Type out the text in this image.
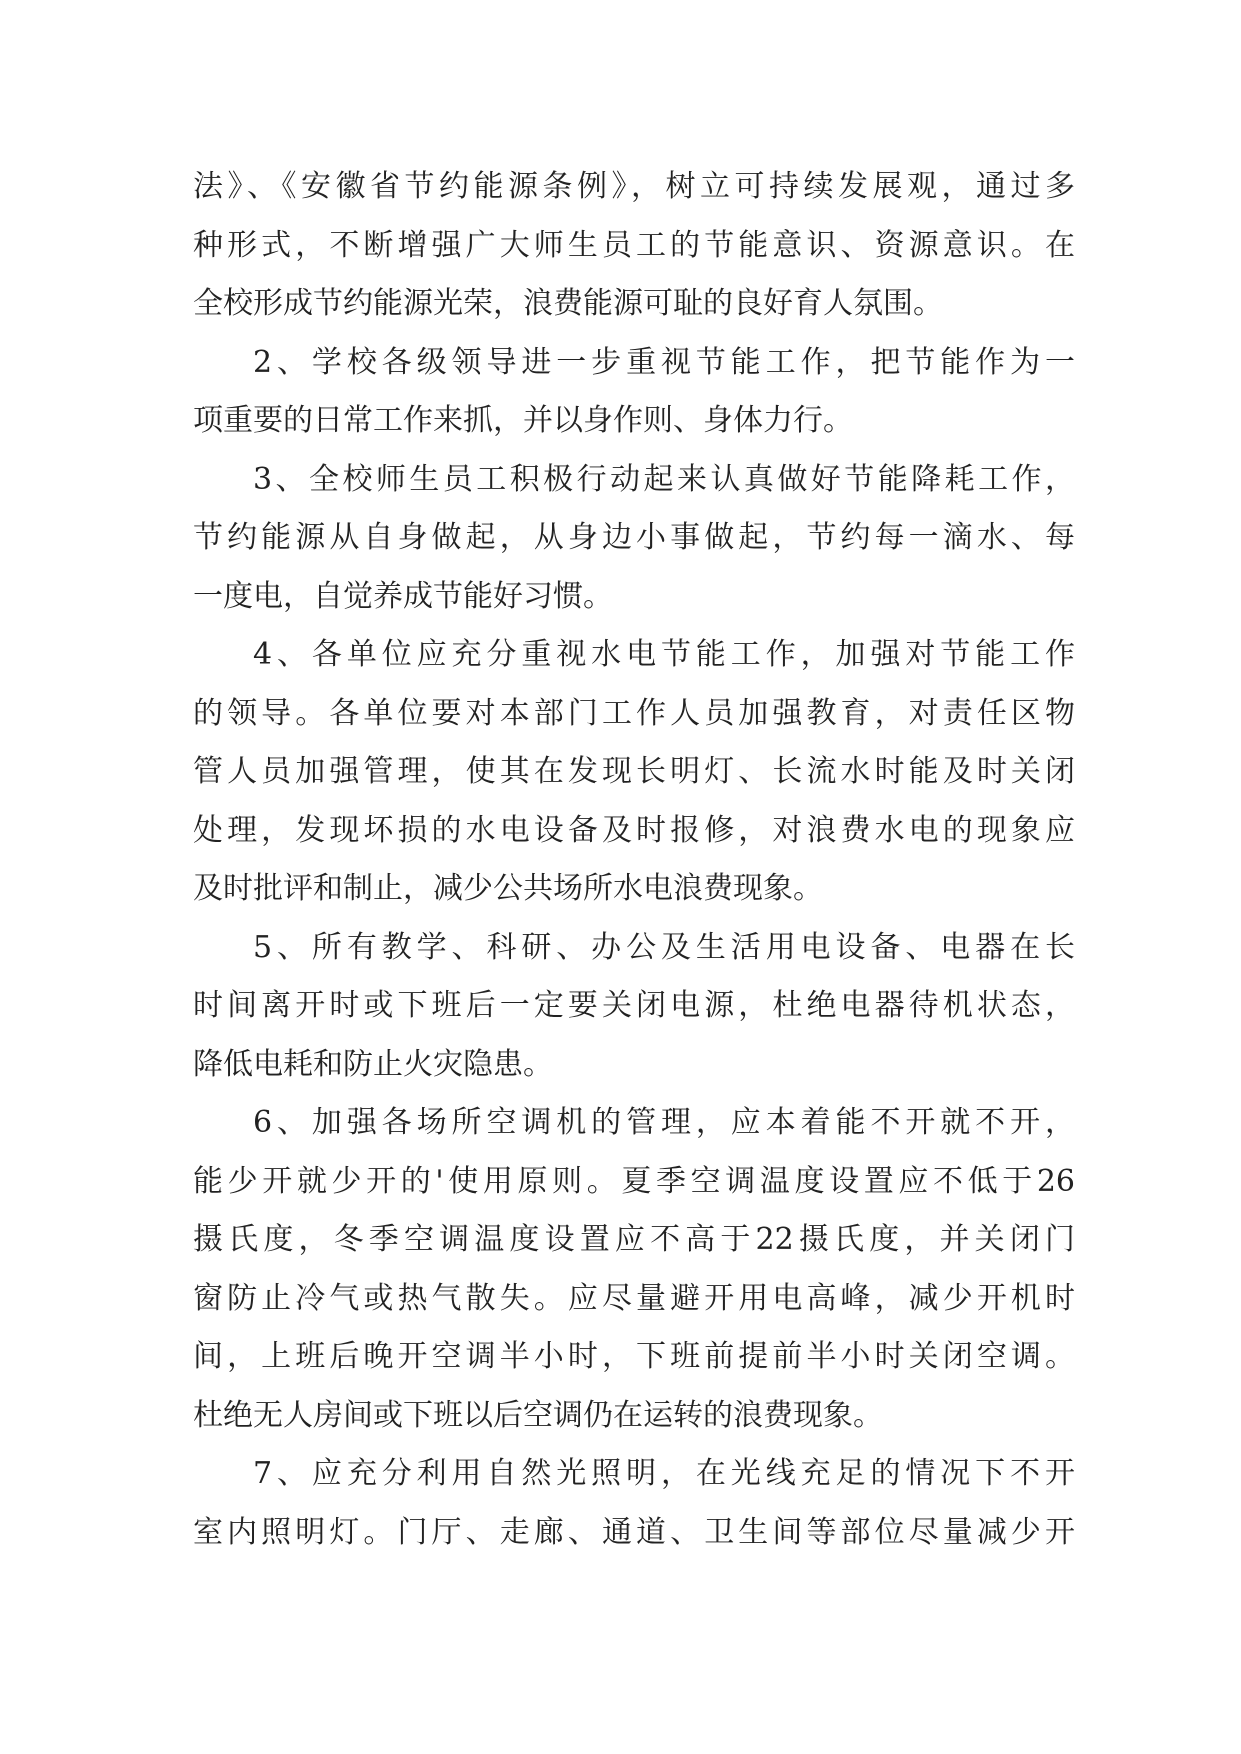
法》、《安徽省节约能源条例》，树立可持续发展观，通过多
种形式，不断增强广大师生员工的节能意识、资源意识。在
全校形成节约能源光荣，浪费能源可耻的良好育人氛围。
2、学校各级领导进一步重视节能工作，把节能作为一
项重要的日常工作来抓，并以身作则、身体力行。
3、全校师生员工积极行动起来认真做好节能降耗工作，
节约能源从自身做起，从身边小事做起，节约每一滴水、每
一度电，自觉养成节能好习惯。
4、各单位应充分重视水电节能工作，加强对节能工作
的领导。各单位要对本部门工作人员加强教育，对责任区物
管人员加强管理，使其在发现长明灯、长流水时能及时关闭
处理，发现坏损的水电设备及时报修，对浪费水电的现象应
及时批评和制止，减少公共场所水电浪费现象。
5、所有教学、科研、办公及生活用电设备、电器在长
时间离开时或下班后一定要关闭电源，杜绝电器待机状态，
降低电耗和防止火灾隐患。
6、加强各场所空调机的管理，应本着能不开就不开，
能少开就少开的'使用原则。夏季空调温度设置应不低于26
摄氏度，冬季空调温度设置应不高于22摄氏度，并关闭门
窗防止冷气或热气散失。应尽量避开用电高峰，减少开机时
间，上班后晚开空调半小时，下班前提前半小时关闭空调。
杜绝无人房间或下班以后空调仍在运转的浪费现象。
7、应充分利用自然光照明，在光线充足的情况下不开
室内照明灯。门厅、走廊、通道、卫生间等部位尽量减少开
